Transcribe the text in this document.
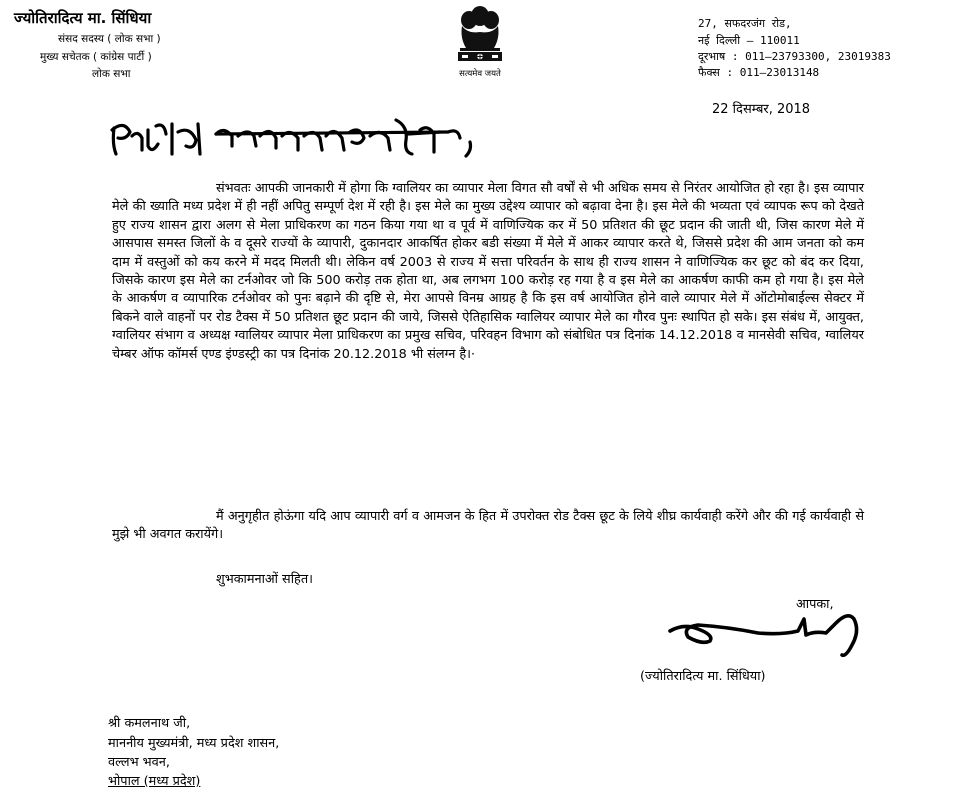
ज्योतिरादित्य मा. सिंधिया
संसद सदस्य ( लोक सभा )
मुख्य सचेतक ( कांग्रेस पार्टी )
लोक सभा	सत्यमेव जयते
27, सफदरजंग रोड,
नई दिल्ली – 110011
दूरभाष : 011–23793300, 23019383
फैक्स : 011–23013148
22 दिसम्बर, 2018

संभवतः आपकी जानकारी में होगा कि ग्वालियर का व्यापार मेला विगत सौ वर्षों से भी अधिक समय से निरंतर आयोजित हो रहा है। इस व्यापार मेले की ख्याति मध्य प्रदेश में ही नहीं अपितु सम्पूर्ण देश में रही है। इस मेले का मुख्य उद्देश्य व्यापार को बढ़ावा देना है। इस मेले की भव्यता एवं व्यापक रूप को देखते हुए राज्य शासन द्वारा अलग से मेला प्राधिकरण का गठन किया गया था व पूर्व में वाणिज्यिक कर में 50 प्रतिशत की छूट प्रदान की जाती थी, जिस कारण मेले में आसपास समस्त जिलों के व दूसरे राज्यों के व्यापारी, दुकानदार आकर्षित होकर बडी संख्या में मेले में आकर व्यापार करते थे, जिससे प्रदेश की आम जनता को कम दाम में वस्तुओं को कय करने में मदद मिलती थी। लेकिन वर्ष 2003 से राज्य में सत्ता परिवर्तन के साथ ही राज्य शासन ने वाणिज्यिक कर छूट को बंद कर दिया, जिसके कारण इस मेले का टर्नओवर जो कि 500 करोड़ तक होता था, अब लगभग 100 करोड़ रह गया है व इस मेले का आकर्षण काफी कम हो गया है। इस मेले के आकर्षण व व्यापारिक टर्नओवर को पुनः बढ़ाने की दृष्टि से, मेरा आपसे विनम्र आग्रह है कि इस वर्ष आयोजित होने वाले व्यापार मेले में ऑटोमोबाईल्स सेक्टर में बिकने वाले वाहनों पर रोड टैक्स में 50 प्रतिशत छूट प्रदान की जाये, जिससे ऐतिहासिक ग्वालियर व्यापार मेले का गौरव पुनः स्थापित हो सके। इस संबंध में, आयुक्त, ग्वालियर संभाग व अध्यक्ष ग्वालियर व्यापार मेला प्राधिकरण का प्रमुख सचिव, परिवहन विभाग को संबोधित पत्र दिनांक 14.12.2018 व मानसेवी सचिव, ग्वालियर चेम्बर ऑफ कॉमर्स एण्ड इंण्डस्ट्री का पत्र दिनांक 20.12.2018 भी संलग्न है।·

मैं अनुगृहीत होऊंगा यदि आप व्यापारी वर्ग व आमजन के हित में उपरोक्त रोड टैक्स छूट के लिये शीघ्र कार्यवाही करेंगे और की गई कार्यवाही से मुझे भी अवगत करायेंगे।

शुभकामनाओं सहित।
आपका,
(ज्योतिरादित्य मा. सिंधिया)
श्री कमलनाथ जी,
माननीय मुख्यमंत्री, मध्य प्रदेश शासन,
वल्लभ भवन,
भोपाल (मध्य प्रदेश)
